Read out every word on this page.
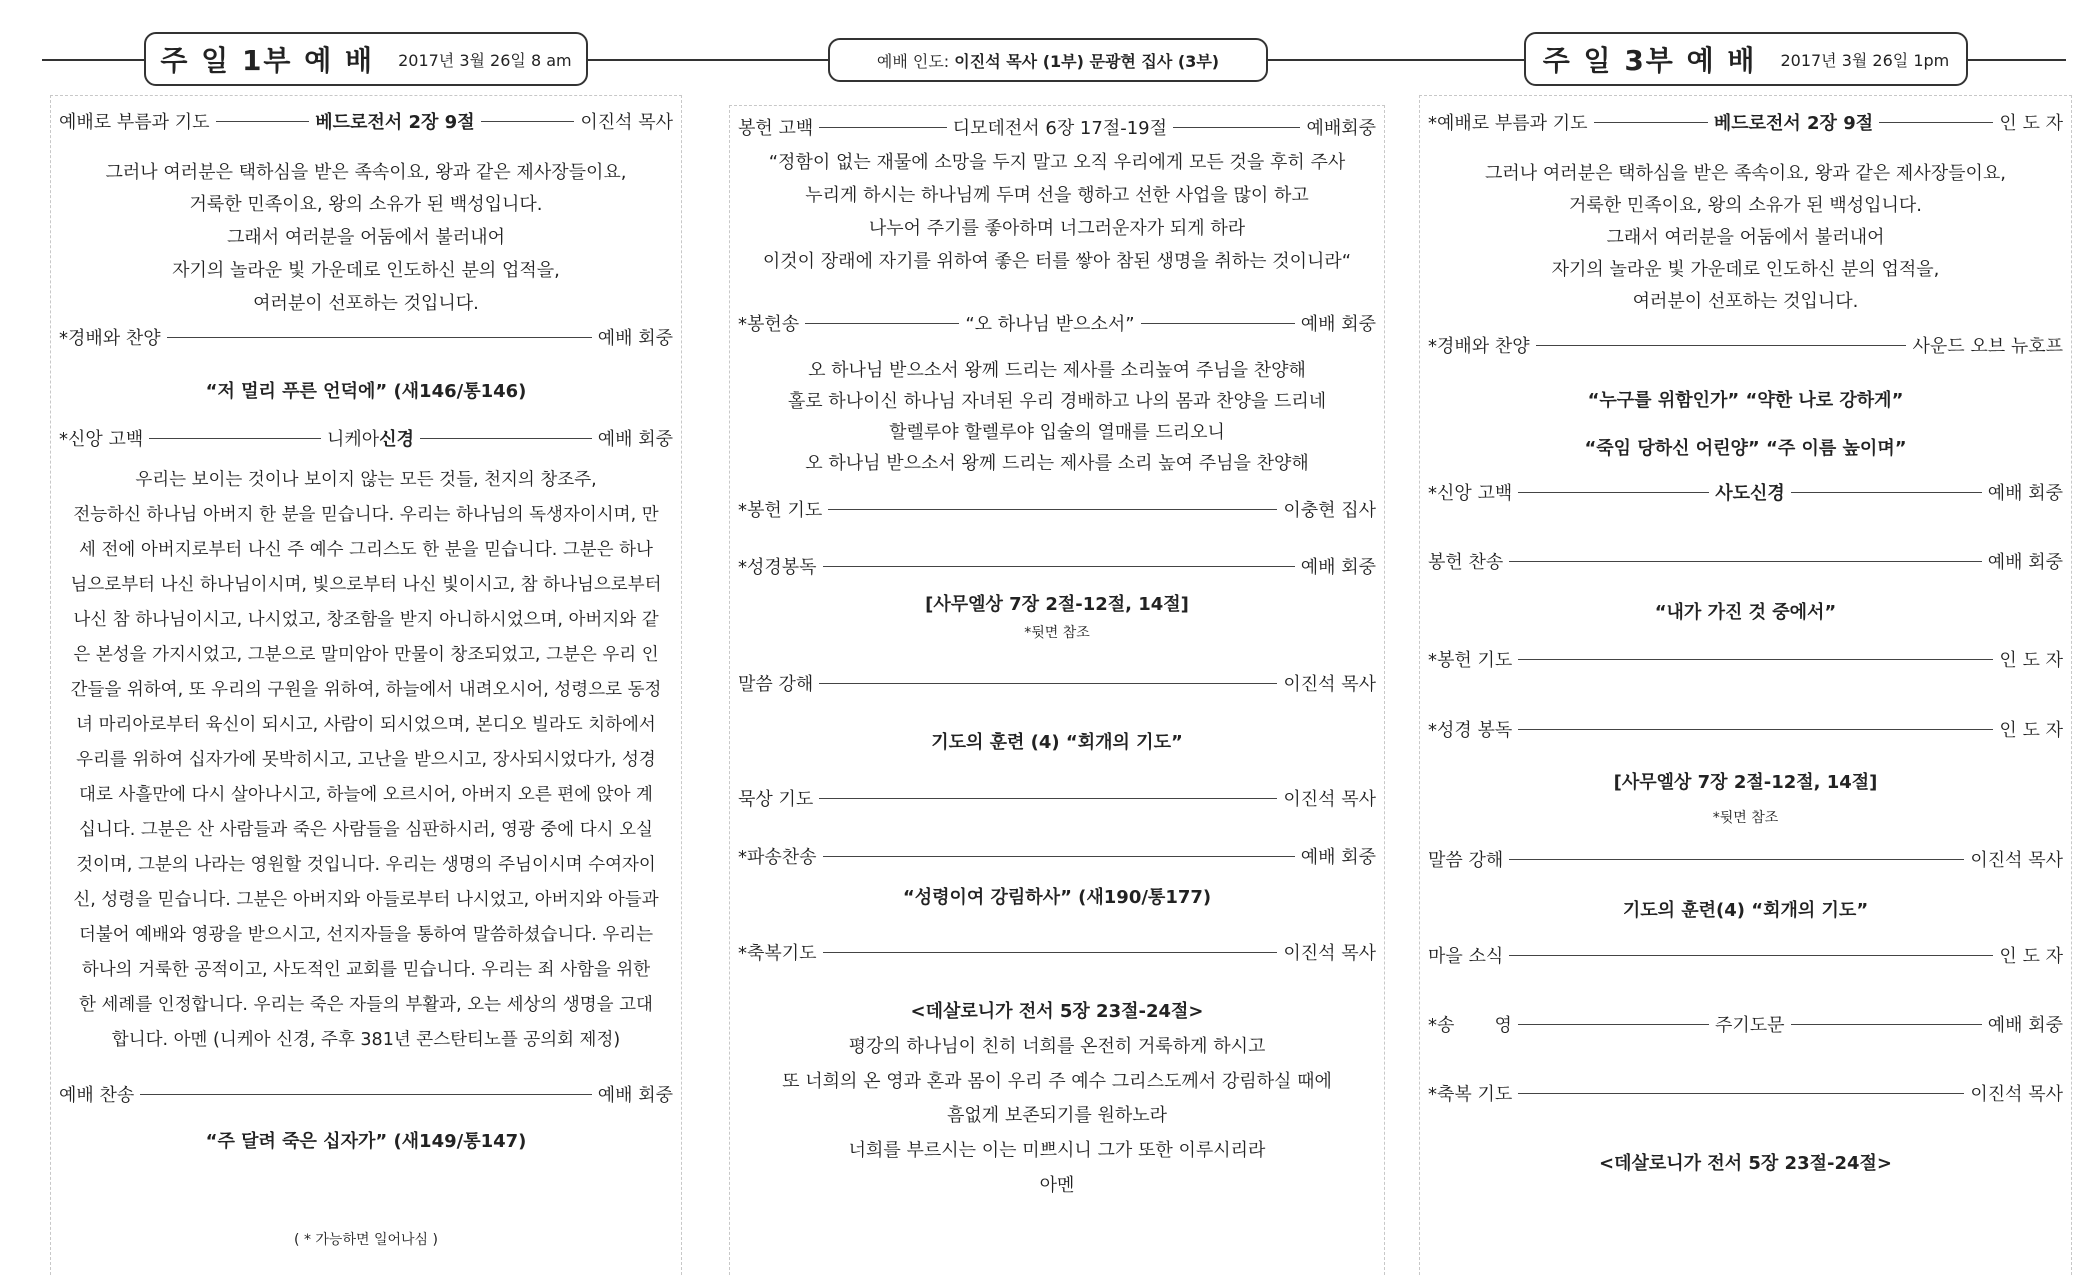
주 일 1부 예 배 2017년 3월 26일 8 am	예배 인도:
이진석 목사 (1부) 문광현 집사 (3부)	주 일 3부 예 배 2017년 3월 26일 1pm
예배로 부름과 기도	베드로전서 2장 9절	이진석 목사
그러나 여러분은 택하심을 받은 족속이요, 왕과 같은 제사장들이요,
거룩한 민족이요, 왕의 소유가 된 백성입니다.
그래서 여러분을 어둠에서 불러내어
자기의 놀라운 빛 가운데로 인도하신 분의 업적을,
여러분이 선포하는 것입니다.
*경배와 찬양	예배 회중
“저 멀리 푸른 언덕에” (새146/통146)
*신앙 고백	니케아 신경	예배 회중
우리는 보이는 것이나 보이지 않는 모든 것들, 천지의 창조주,
전능하신 하나님 아버지 한 분을 믿습니다. 우리는 하나님의 독생자이시며, 만
세 전에 아버지로부터 나신 주 예수 그리스도 한 분을 믿습니다. 그분은 하나
님으로부터 나신 하나님이시며, 빛으로부터 나신 빛이시고, 참 하나님으로부터
나신 참 하나님이시고, 나시었고, 창조함을 받지 아니하시었으며, 아버지와 같
은 본성을 가지시었고, 그분으로 말미암아 만물이 창조되었고, 그분은 우리 인
간들을 위하여, 또 우리의 구원을 위하여, 하늘에서 내려오시어, 성령으로 동정
녀 마리아로부터 육신이 되시고, 사람이 되시었으며, 본디오 빌라도 치하에서
우리를 위하여 십자가에 못박히시고, 고난을 받으시고, 장사되시었다가, 성경
대로 사흘만에 다시 살아나시고, 하늘에 오르시어, 아버지 오른 편에 앉아 계
십니다. 그분은 산 사람들과 죽은 사람들을 심판하시러, 영광 중에 다시 오실
것이며, 그분의 나라는 영원할 것입니다. 우리는 생명의 주님이시며 수여자이
신, 성령을 믿습니다. 그분은 아버지와 아들로부터 나시었고, 아버지와 아들과
더불어 예배와 영광을 받으시고, 선지자들을 통하여 말씀하셨습니다. 우리는
하나의 거룩한 공적이고, 사도적인 교회를 믿습니다. 우리는 죄 사함을 위한
한 세례를 인정합니다. 우리는 죽은 자들의 부활과, 오는 세상의 생명을 고대
합니다. 아멘 (니케아 신경, 주후 381년 콘스탄티노플 공의회 제정)
예배 찬송	예배 회중
“주 달려 죽은 십자가” (새149/통147)
( * 가능하면 일어나심 )
봉헌 고백	디모데전서 6장 17절-19절	예배회중
“정함이 없는 재물에 소망을 두지 말고 오직 우리에게 모든 것을 후히 주사
누리게 하시는 하나님께 두며 선을 행하고 선한 사업을 많이 하고
나누어 주기를 좋아하며 너그러운자가 되게 하라
이것이 장래에 자기를 위하여 좋은 터를 쌓아 참된 생명을 취하는 것이니라“
*봉헌송	“오 하나님 받으소서”	예배 회중
오 하나님 받으소서 왕께 드리는 제사를 소리높여 주님을 찬양해
홀로 하나이신 하나님 자녀된 우리 경배하고 나의 몸과 찬양을 드리네
할렐루야 할렐루야 입술의 열매를 드리오니
오 하나님 받으소서 왕께 드리는 제사를 소리 높여 주님을 찬양해
*봉헌 기도	이충현 집사
*성경봉독	예배 회중
[사무엘상 7장 2절-12절, 14절]
*뒷면 참조
말씀 강해	이진석 목사
기도의 훈련 (4) “회개의 기도”
묵상 기도	이진석 목사
*파송찬송	예배 회중
“성령이여 강림하사” (새190/통177)
*축복기도	이진석 목사
<데살로니가 전서 5장 23절-24절>
평강의 하나님이 친히 너희를 온전히 거룩하게 하시고
또 너희의 온 영과 혼과 몸이 우리 주 예수 그리스도께서 강림하실 때에
흠없게 보존되기를 원하노라
너희를 부르시는 이는 미쁘시니 그가 또한 이루시리라
아멘
*예배로 부름과 기도	베드로전서 2장 9절	인 도 자
그러나 여러분은 택하심을 받은 족속이요, 왕과 같은 제사장들이요,
거룩한 민족이요, 왕의 소유가 된 백성입니다.
그래서 여러분을 어둠에서 불러내어
자기의 놀라운 빛 가운데로 인도하신 분의 업적을,
여러분이 선포하는 것입니다.
*경배와 찬양	사운드 오브 뉴호프
“누구를 위함인가” “약한 나로 강하게”
“죽임 당하신 어린양” “주 이름 높이며”
*신앙 고백	사도신경	예배 회중
봉헌 찬송	예배 회중
“내가 가진 것 중에서”
*봉헌 기도	인 도 자
*성경 봉독	인 도 자
[사무엘상 7장 2절-12절, 14절]
*뒷면 참조
말씀 강해	이진석 목사
기도의 훈련(4) “회개의 기도”
마을 소식	인 도 자
*송       영	주기도문	예배 회중
*축복 기도	이진석 목사
<데살로니가 전서 5장 23절-24절>
